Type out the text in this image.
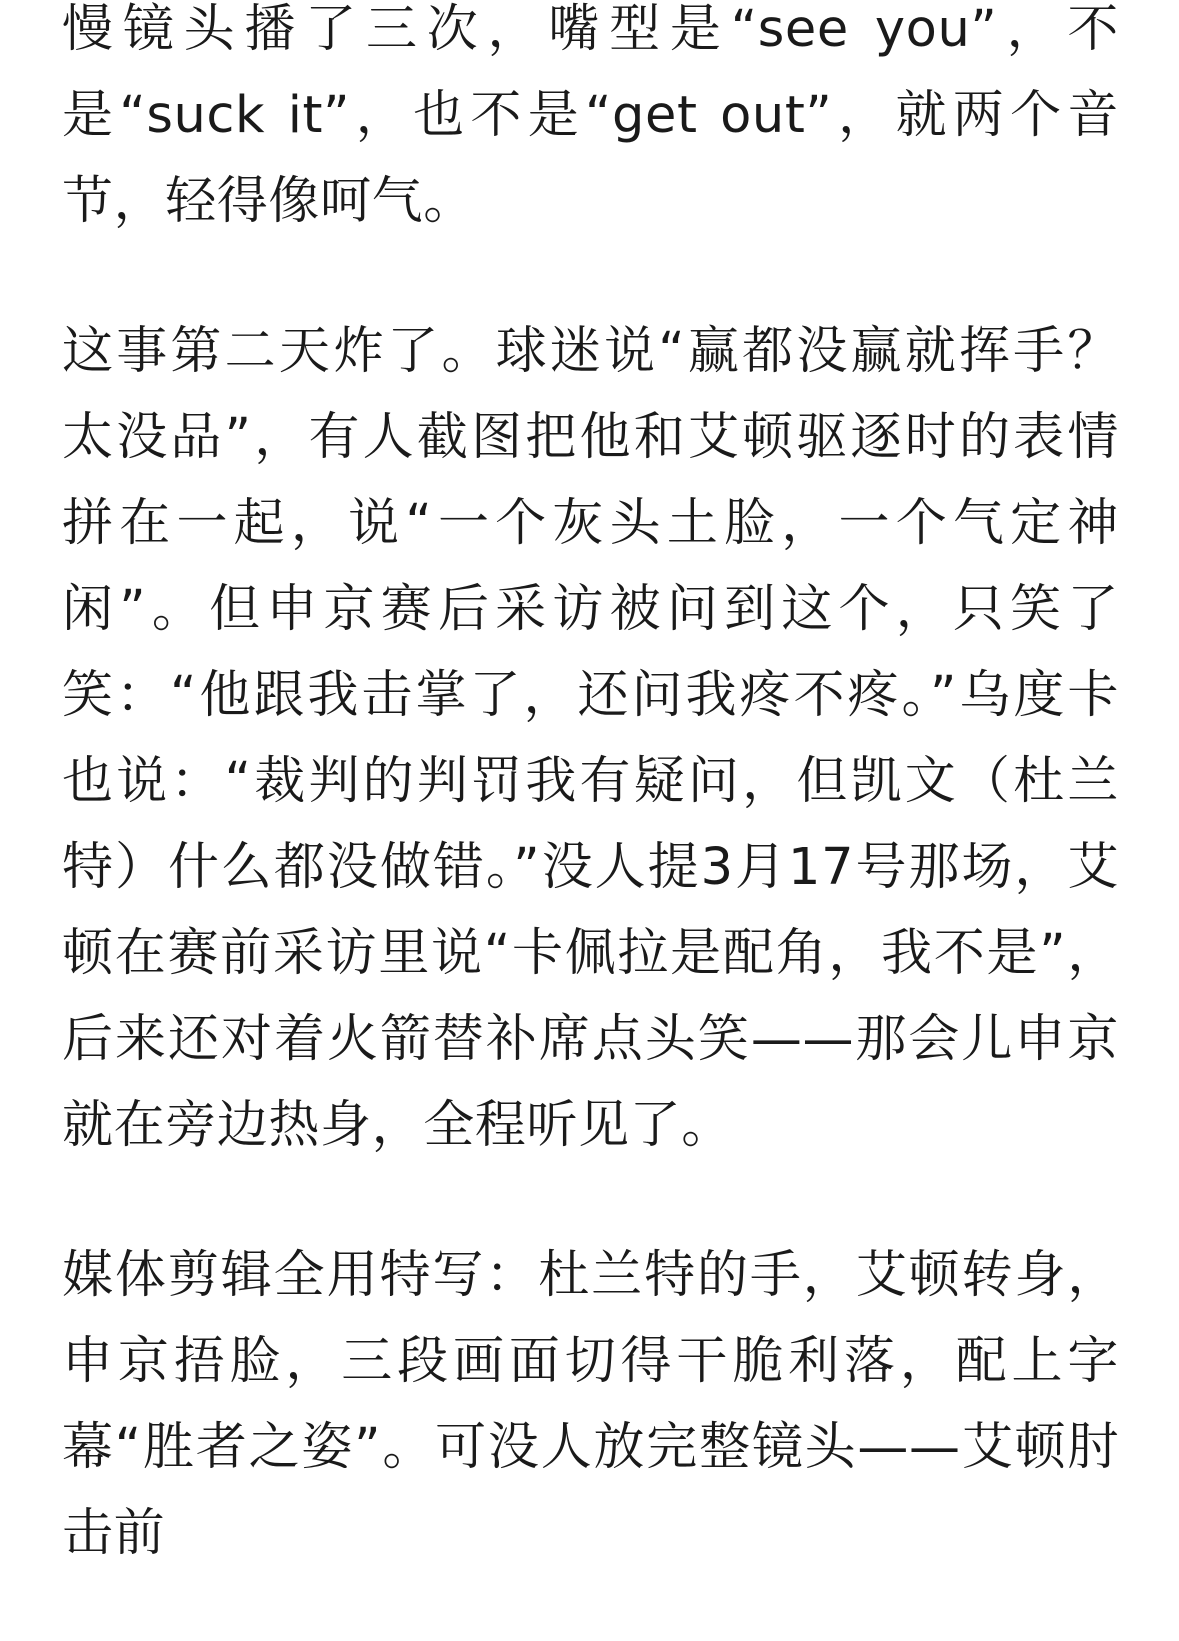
慢镜头播了三次，嘴型是“see you”，不是“suck it”，也不是“get out”，就两个音节，轻得像呵气。

这事第二天炸了。球迷说“赢都没赢就挥手？太没品”，有人截图把他和艾顿驱逐时的表情拼在一起，说“一个灰头土脸，一个气定神闲”。但申京赛后采访被问到这个，只笑了笑：“他跟我击掌了，还问我疼不疼。”乌度卡也说：“裁判的判罚我有疑问，但凯文（杜兰特）什么都没做错。”没人提3月17号那场，艾顿在赛前采访里说“卡佩拉是配角，我不是”，后来还对着火箭替补席点头笑——那会儿申京就在旁边热身，全程听见了。

媒体剪辑全用特写：杜兰特的手，艾顿转身，申京捂脸，三段画面切得干脆利落，配上字幕“胜者之姿”。可没人放完整镜头——艾顿肘击前
